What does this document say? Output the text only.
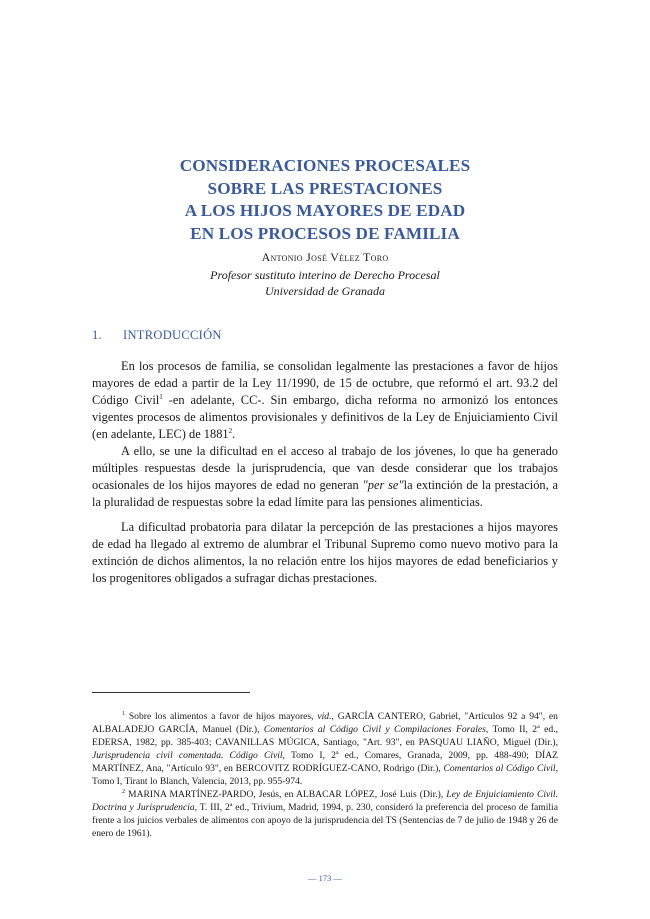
CONSIDERACIONES PROCESALES
SOBRE LAS PRESTACIONES
A LOS HIJOS MAYORES DE EDAD
EN LOS PROCESOS DE FAMILIA
Antonio José Vélez Toro
Profesor sustituto interino de Derecho Procesal
Universidad de Granada
1. INTRODUCCIÓN

En los procesos de familia, se consolidan legalmente las prestaciones a favor de hijos mayores de edad a partir de la Ley 11/1990, de 15 de octubre, que reformó el art. 93.2 del Código Civil$^1$ -en adelante, CC-. Sin embargo, dicha reforma no armonizó los entonces vigentes procesos de alimentos provisionales y definitivos de la Ley de Enjuiciamiento Civil (en adelante, LEC) de 1881$^2$.

A ello, se une la dificultad en el acceso al trabajo de los jóvenes, lo que ha generado múltiples respuestas desde la jurisprudencia, que van desde considerar que los trabajos ocasionales de los hijos mayores de edad no generan "per se"la extinción de la prestación, a la pluralidad de respuestas sobre la edad límite para las pensiones alimenticias.

La dificultad probatoria para dilatar la percepción de las prestaciones a hijos mayores de edad ha llegado al extremo de alumbrar el Tribunal Supremo como nuevo motivo para la extinción de dichos alimentos, la no relación entre los hijos mayores de edad beneficiarios y los progenitores obligados a sufragar dichas prestaciones.

$^1$ Sobre los alimentos a favor de hijos mayores, vid., GARCÍA CANTERO, Gabriel, "Artículos 92 a 94", en ALBALADEJO GARCÍA, Manuel (Dir.), Comentarios al Código Civil y Compilaciones Forales, Tomo II, 2ª ed., EDERSA, 1982, pp. 385-403; CAVANILLAS MÚGICA, Santiago, "Art. 93", en PASQUAU LIAÑO, Miguel (Dir.), Jurisprudencia civil comentada. Código Civil, Tomo I, 2ª ed., Comares, Granada, 2009, pp. 488-490; DÍAZ MARTÍNEZ, Ana, "Artículo 93", en BERCOVITZ RODRÍGUEZ-CANO, Rodrigo (Dir.), Comentarios al Código Civil, Tomo I, Tirant lo Blanch, Valencia, 2013, pp. 955-974.

$^2$ MARINA MARTÍNEZ-PARDO, Jesús, en ALBACAR LÓPEZ, José Luis (Dir.), Ley de Enjuiciamiento Civil. Doctrina y Jurisprudencia, T. III, 2ª ed., Trivium, Madrid, 1994, p. 230, consideró la preferencia del proceso de familia frente a los juicios verbales de alimentos con apoyo de la jurisprudencia del TS (Sentencias de 7 de julio de 1948 y 26 de enero de 1961).

— 173 —
